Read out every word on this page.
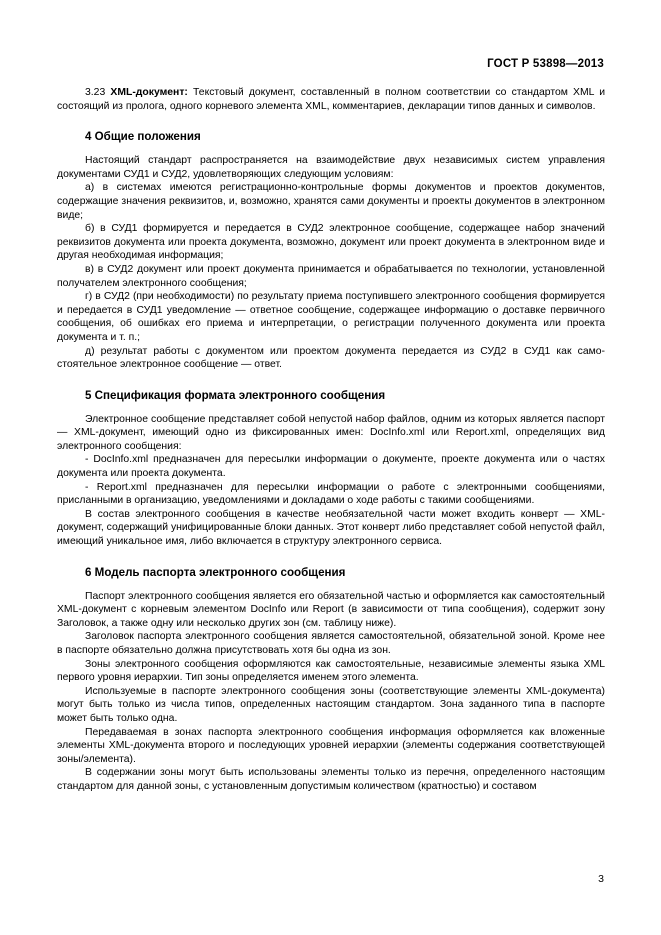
ГОСТ Р 53898—2013

3.23 XML-документ: Текстовый документ, составленный в полном соответствии со стандартом XML и состоящий из пролога, одного корневого элемента XML, комментариев, декларации типов данных и символов.

4 Общие положения

Настоящий стандарт распространяется на взаимодействие двух независимых систем управления документами СУД1 и СУД2, удовлетворяющих следующим условиям:

а) в системах имеются регистрационно-контрольные формы документов и проектов документов, содержащие значения реквизитов, и, возможно, хранятся сами документы и проекты документов в электронном виде;

б) в СУД1 формируется и передается в СУД2 электронное сообщение, содержащее набор значений реквизитов документа или проекта документа, возможно, документ или проект документа в электронном виде и другая необходимая информация;

в) в СУД2 документ или проект документа принимается и обрабатывается по технологии, установленной получателем электронного сообщения;

г) в СУД2 (при необходимости) по результату приема поступившего электронного сообщения формируется и передается в СУД1 уведомление — ответное сообщение, содержащее информацию о доставке первичного сообщения, об ошибках его приема и интерпретации, о регистрации полученного документа или проекта документа и т. п.;

д) результат работы с документом или проектом документа передается из СУД2 в СУД1 как самостоятельное электронное сообщение — ответ.

5 Спецификация формата электронного сообщения

Электронное сообщение представляет собой непустой набор файлов, одним из которых является паспорт — XML-документ, имеющий одно из фиксированных имен: DocInfo.xml или Report.xml, определящих вид электронного сообщения:

- DocInfo.xml предназначен для пересылки информации о документе, проекте документа или о частях документа или проекта документа.

- Report.xml предназначен для пересылки информации о работе с электронными сообщениями, присланными в организацию, уведомлениями и докладами о ходе работы с такими сообщениями.

В состав электронного сообщения в качестве необязательной части может входить конверт — XML-документ, содержащий унифицированные блоки данных. Этот конверт либо представляет собой непустой файл, имеющий уникальное имя, либо включается в структуру электронного сервиса.

6 Модель паспорта электронного сообщения

Паспорт электронного сообщения является его обязательной частью и оформляется как самостоятельный XML-документ с корневым элементом DocInfo или Report (в зависимости от типа сообщения), содержит зону Заголовок, а также одну или несколько других зон (см. таблицу ниже).

Заголовок паспорта электронного сообщения является самостоятельной, обязательной зоной. Кроме нее в паспорте обязательно должна присутствовать хотя бы одна из зон.

Зоны электронного сообщения оформляются как самостоятельные, независимые элементы языка XML первого уровня иерархии. Тип зоны определяется именем этого элемента.

Используемые в паспорте электронного сообщения зоны (соответствующие элементы XML-документа) могут быть только из числа типов, определенных настоящим стандартом. Зона заданного типа в паспорте может быть только одна.

Передаваемая в зонах паспорта электронного сообщения информация оформляется как вложенные элементы XML-документа второго и последующих уровней иерархии (элементы содержания соответствующей зоны/элемента).

В содержании зоны могут быть использованы элементы только из перечня, определенного настоящим стандартом для данной зоны, с установленным допустимым количеством (кратностью) и составом

3
